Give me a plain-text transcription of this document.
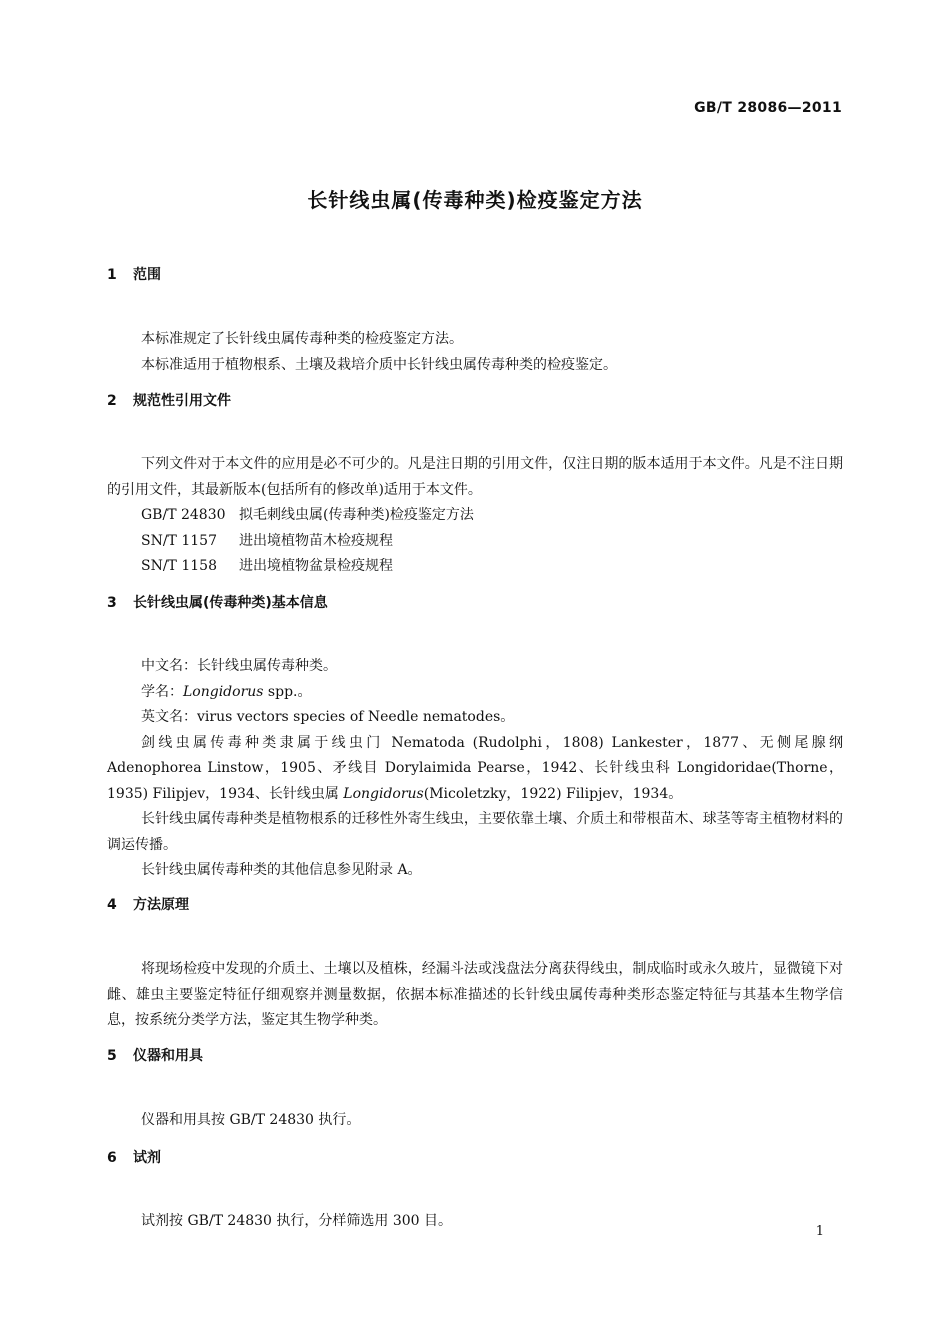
GB/T 28086—2011
长针线虫属(传毒种类)检疫鉴定方法
1 范围

本标准规定了长针线虫属传毒种类的检疫鉴定方法。

本标准适用于植物根系、土壤及栽培介质中长针线虫属传毒种类的检疫鉴定。

2 规范性引用文件

下列文件对于本文件的应用是必不可少的。凡是注日期的引用文件，仅注日期的版本适用于本文件。凡是不注日期的引用文件，其最新版本(包括所有的修改单)适用于本文件。

GB/T 24830 拟毛刺线虫属(传毒种类)检疫鉴定方法

SN/T 1157 进出境植物苗木检疫规程

SN/T 1158 进出境植物盆景检疫规程

3 长针线虫属(传毒种类)基本信息

中文名：长针线虫属传毒种类。

学名：Longidorus spp.。

英文名：virus vectors species of Needle nematodes。

剑线虫属传毒种类隶属于线虫门 Nematoda (Rudolphi，1808) Lankester，1877、无侧尾腺纲 Adenophorea Linstow，1905、矛线目 Dorylaimida Pearse，1942、长针线虫科 Longidoridae(Thorne，1935) Filipjev，1934、长针线虫属 Longidorus(Micoletzky，1922) Filipjev，1934。

长针线虫属传毒种类是植物根系的迁移性外寄生线虫，主要依靠土壤、介质土和带根苗木、球茎等寄主植物材料的调运传播。

长针线虫属传毒种类的其他信息参见附录 A。

4 方法原理

将现场检疫中发现的介质土、土壤以及植株，经漏斗法或浅盘法分离获得线虫，制成临时或永久玻片，显微镜下对雌、雄虫主要鉴定特征仔细观察并测量数据，依据本标准描述的长针线虫属传毒种类形态鉴定特征与其基本生物学信息，按系统分类学方法，鉴定其生物学种类。

5 仪器和用具

仪器和用具按 GB/T 24830 执行。

6 试剂

试剂按 GB/T 24830 执行，分样筛选用 300 目。

1
